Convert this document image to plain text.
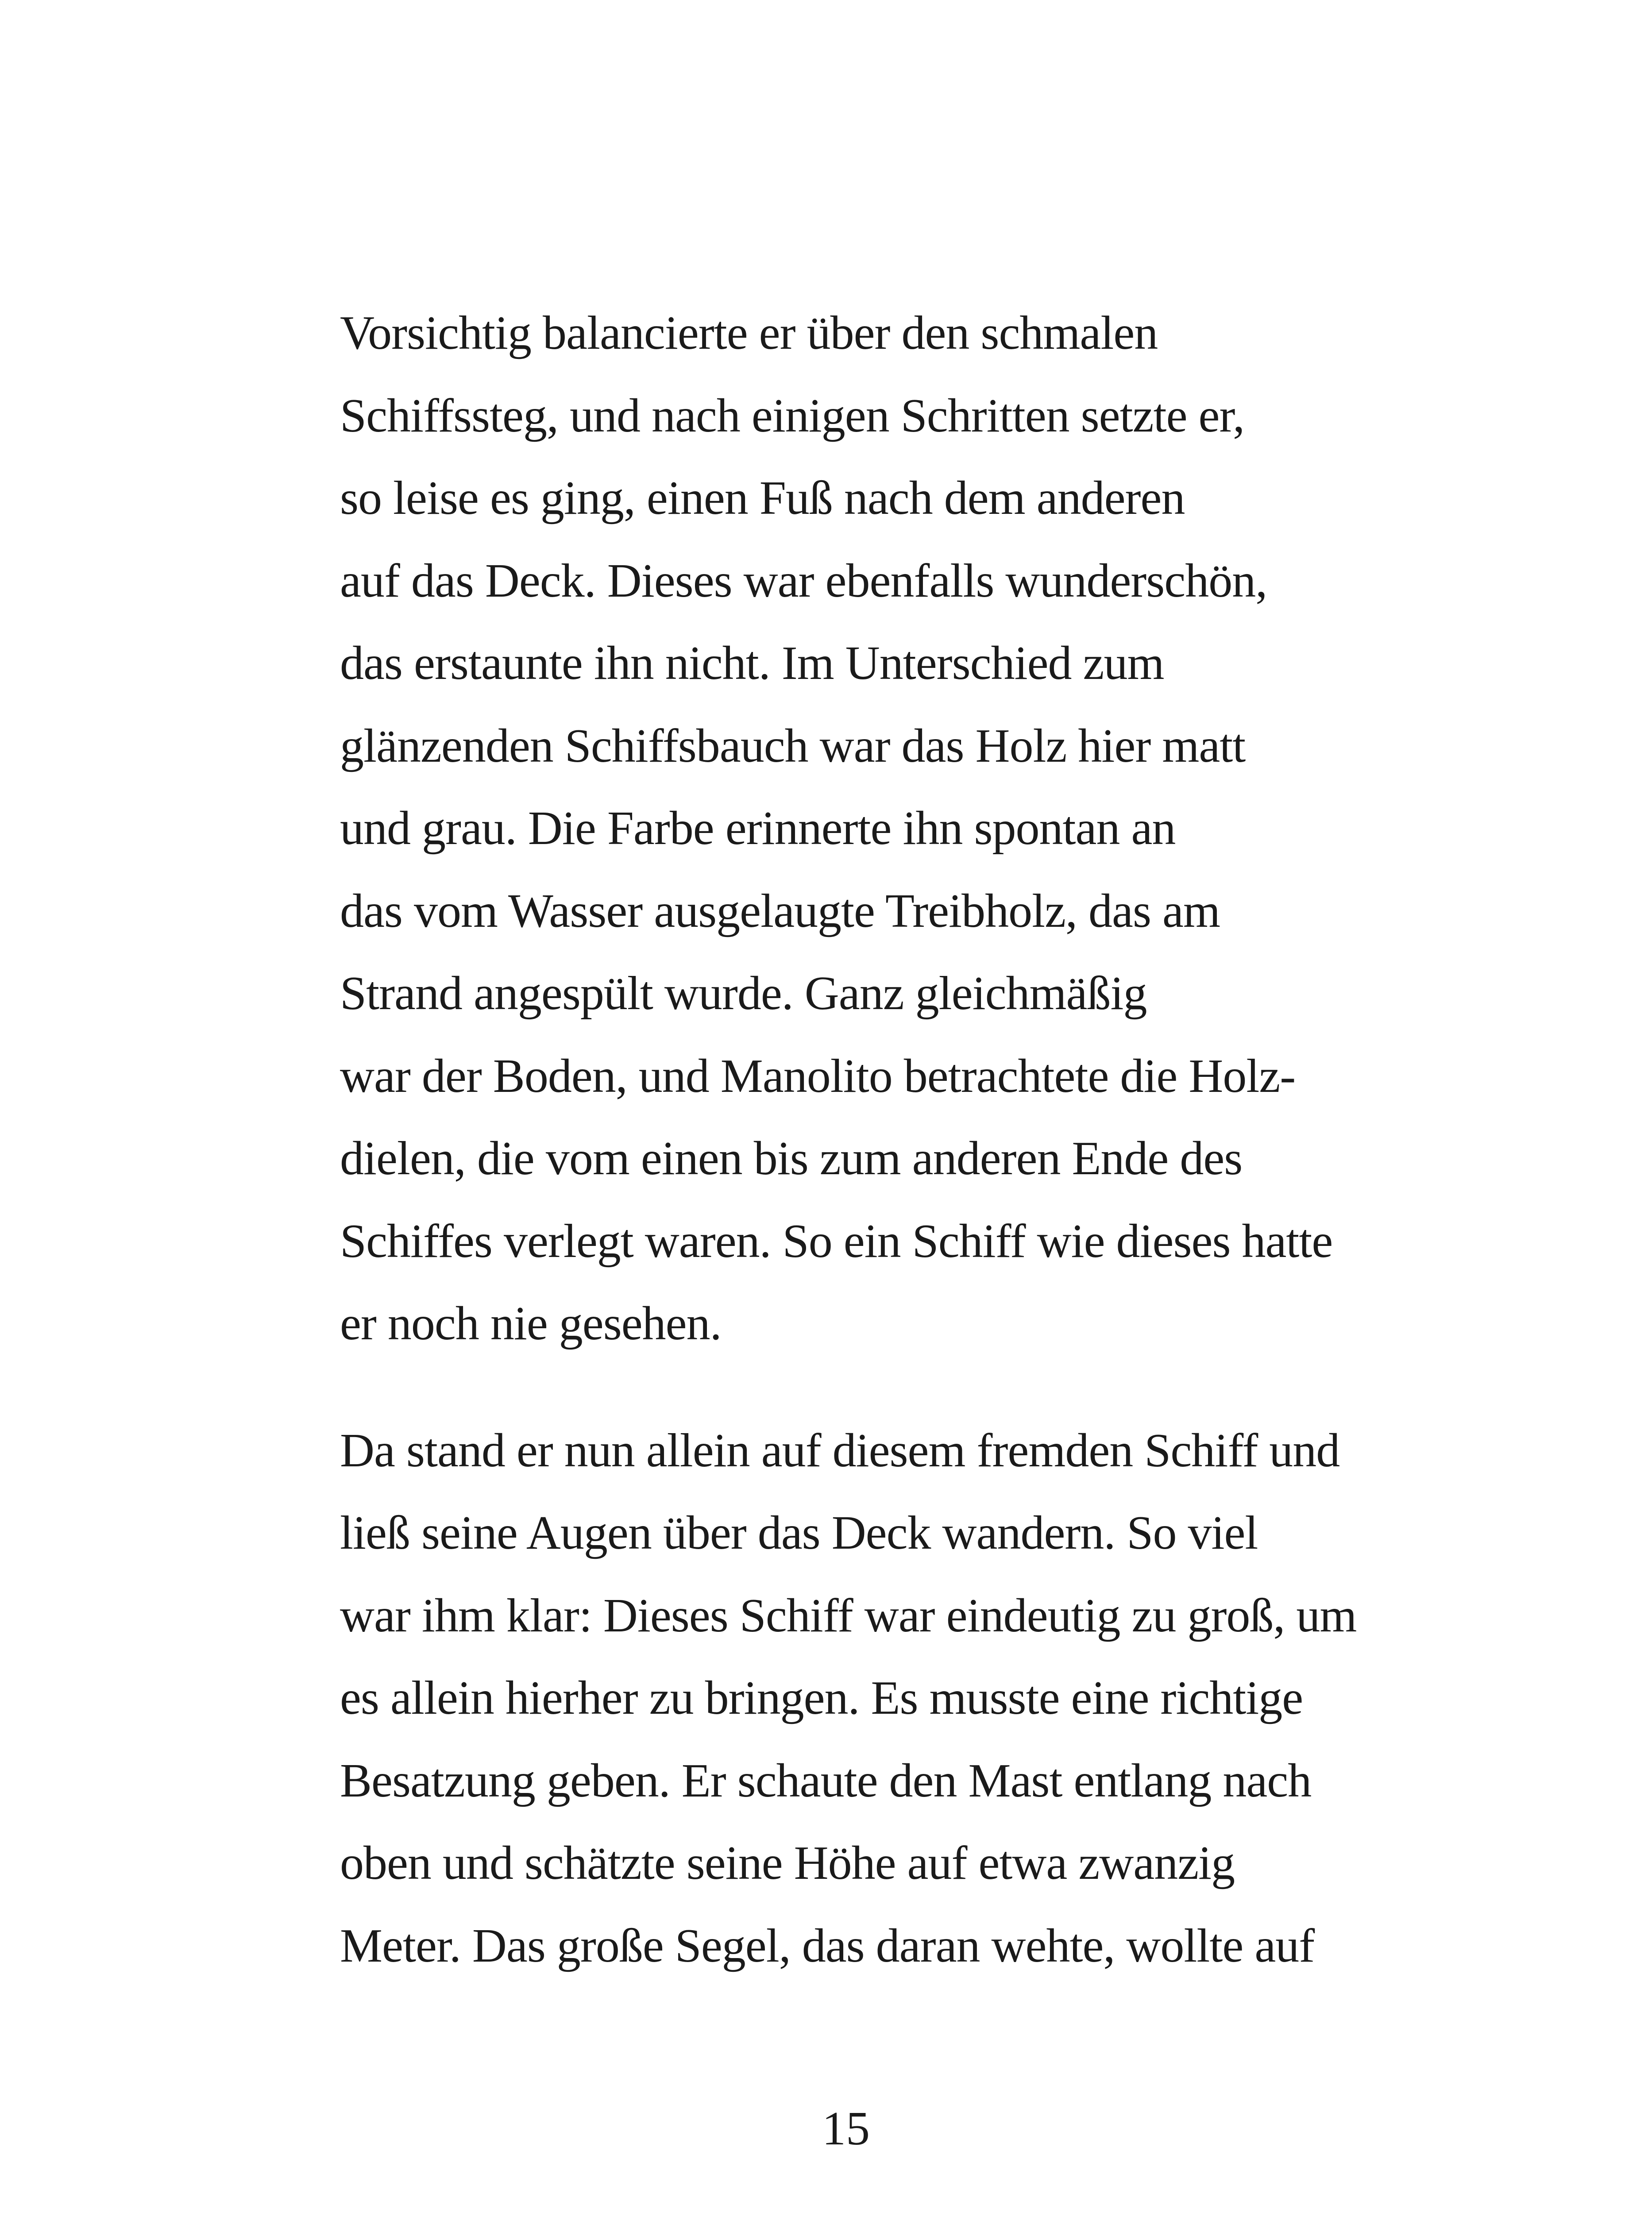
Vorsichtig balancierte er über den schmalen
Schiffssteg, und nach einigen Schritten setzte er,
so leise es ging, einen Fuß nach dem anderen
auf das Deck. Dieses war ebenfalls wunderschön,
das erstaunte ihn nicht. Im Unterschied zum
glänzenden Schiffsbauch war das Holz hier matt
und grau. Die Farbe erinnerte ihn spontan an
das vom Wasser ausgelaugte Treibholz, das am
Strand angespült wurde. Ganz gleichmäßig
war der Boden, und Manolito betrachtete die Holz-
dielen, die vom einen bis zum anderen Ende des
Schiffes verlegt waren. So ein Schiff wie dieses hatte
er noch nie gesehen.

Da stand er nun allein auf diesem fremden Schiff und
ließ seine Augen über das Deck wandern. So viel
war ihm klar: Dieses Schiff war eindeutig zu groß, um
es allein hierher zu bringen. Es musste eine richtige
Besatzung geben. Er schaute den Mast entlang nach
oben und schätzte seine Höhe auf etwa zwanzig
Meter. Das große Segel, das daran wehte, wollte auf

15
